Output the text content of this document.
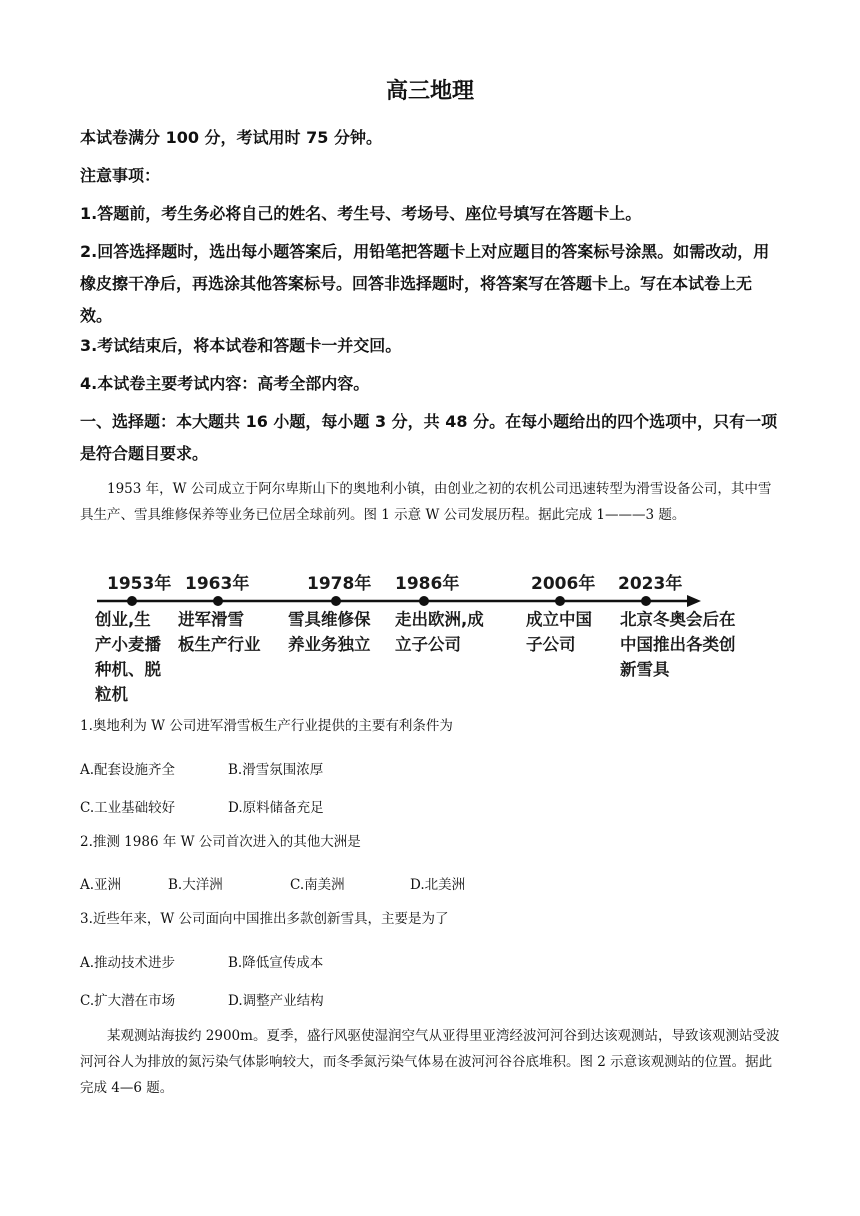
高三地理
本试卷满分 100 分，考试用时 75 分钟。
注意事项：
1.答题前，考生务必将自己的姓名、考生号、考场号、座位号填写在答题卡上。
2.回答选择题时，选出每小题答案后，用铅笔把答题卡上对应题目的答案标号涂黑。如需改动，用橡皮擦干净后，再选涂其他答案标号。回答非选择题时，将答案写在答题卡上。写在本试卷上无效。
3.考试结束后，将本试卷和答题卡一并交回。
4.本试卷主要考试内容：高考全部内容。
一、选择题：本大题共 16 小题，每小题 3 分，共 48 分。在每小题给出的四个选项中，只有一项是符合题目要求。
1953 年，W 公司成立于阿尔卑斯山下的奥地利小镇，由创业之初的农机公司迅速转型为滑雪设备公司，其中雪具生产、雪具维修保养等业务已位居全球前列。图 1 示意 W 公司发展历程。据此完成 1———3 题。
1953年
创业,生
产小麦播
种机、脱
粒机
1963年
进军滑雪
板生产行业
1978年
雪具维修保
养业务独立
1986年
走出欧洲,成
立子公司
2006年
成立中国
子公司
2023年
北京冬奥会后在
中国推出各类创
新雪具
1.奥地利为 W 公司进军滑雪板生产行业提供的主要有利条件为
A.配套设施齐全	B.滑雪氛围浓厚
C.工业基础较好	D.原料储备充足
2.推测 1986 年 W 公司首次进入的其他大洲是
A.亚洲	B.大洋洲	C.南美洲	D.北美洲
3.近些年来，W 公司面向中国推出多款创新雪具，主要是为了
A.推动技术进步	B.降低宣传成本
C.扩大潜在市场	D.调整产业结构
某观测站海拔约 2900m。夏季，盛行风驱使湿润空气从亚得里亚湾经波河河谷到达该观测站，导致该观测站受波河河谷人为排放的氮污染气体影响较大，而冬季氮污染气体易在波河河谷谷底堆积。图 2 示意该观测站的位置。据此完成 4—6 题。
